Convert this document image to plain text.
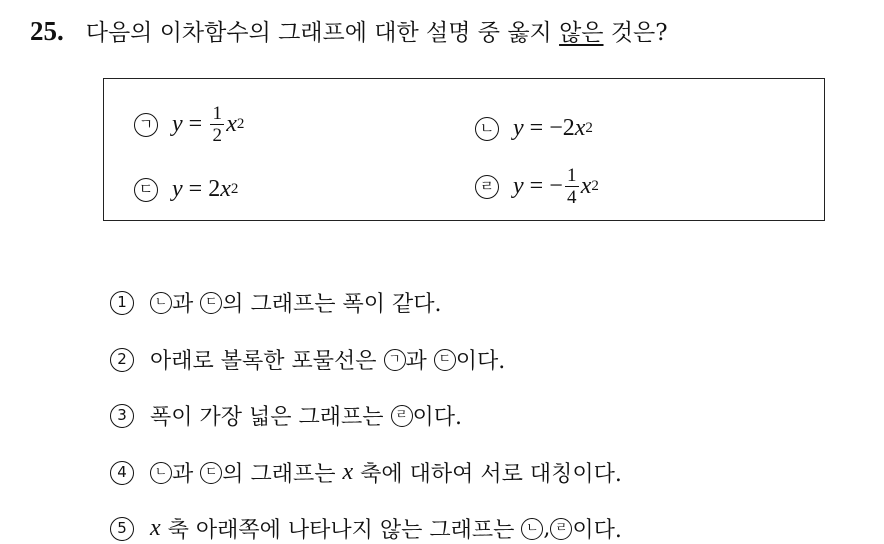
25. 다음의 이차함수의 그래프에 대한 설명 중 옳지 않은 것은?
ㄱ y
=
$\frac{1}{2}$ x 2	ㄴ y
=
−2 x 2
ㄷ y
=
2 x 2	ㄹ y
=
− $\frac{1}{4}$ x 2
1	ㄴ 과 ㄷ 의 그래프는 폭이 같다.
2	아래로 볼록한 포물선은 ㄱ 과 ㄷ 이다.
3	폭이 가장 넓은 그래프는 ㄹ 이다.
4	ㄴ 과 ㄷ 의 그래프는 x 축에 대하여 서로 대칭이다.
5 x 축 아래쪽에 나타나지 않는 그래프는 ㄴ , ㄹ 이다.
